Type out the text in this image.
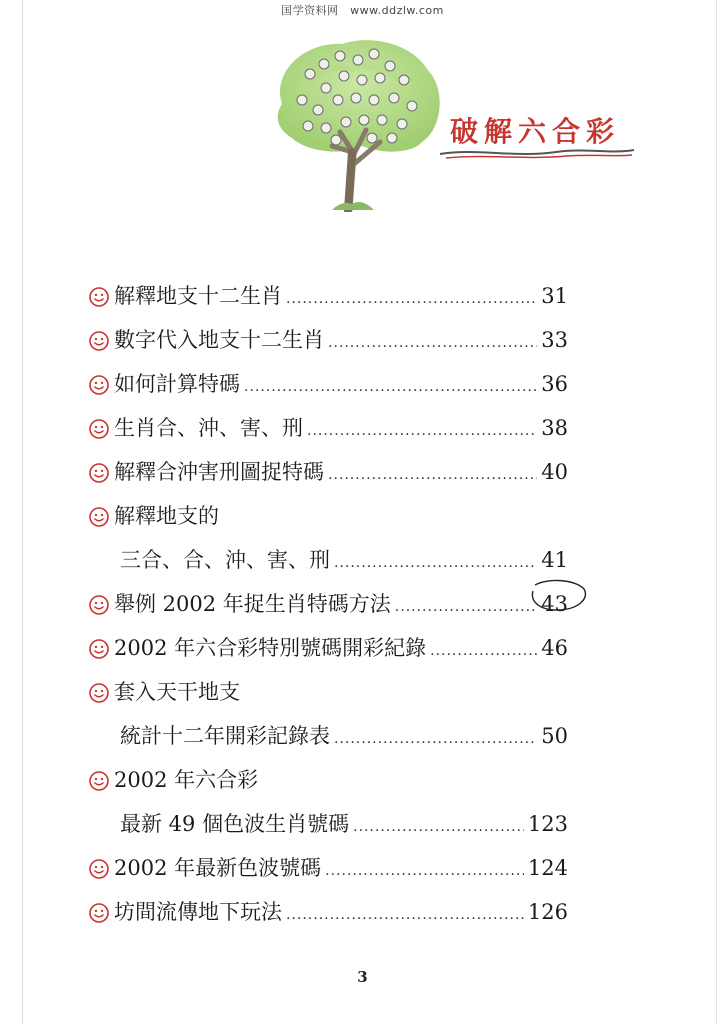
国学资料网　www.ddzlw.com
破解六合彩
解釋地支十二生肖 .....	31
數字代入地支十二生肖 .....	33
如何計算特碼 .....	36
生肖合、沖、害、刑 .....	38
解釋合沖害刑圖捉特碼 .....	40
解釋地支的
三合、合、沖、害、刑 .....	41
舉例 2002 年捉生肖特碼方法 .....	43
2002 年六合彩特別號碼開彩紀錄 .....	46
套入天干地支
統計十二年開彩記錄表 .....	50
2002 年六合彩
最新 49 個色波生肖號碼 .....	123
2002 年最新色波號碼 .....	124
坊間流傳地下玩法 .....	126
3
